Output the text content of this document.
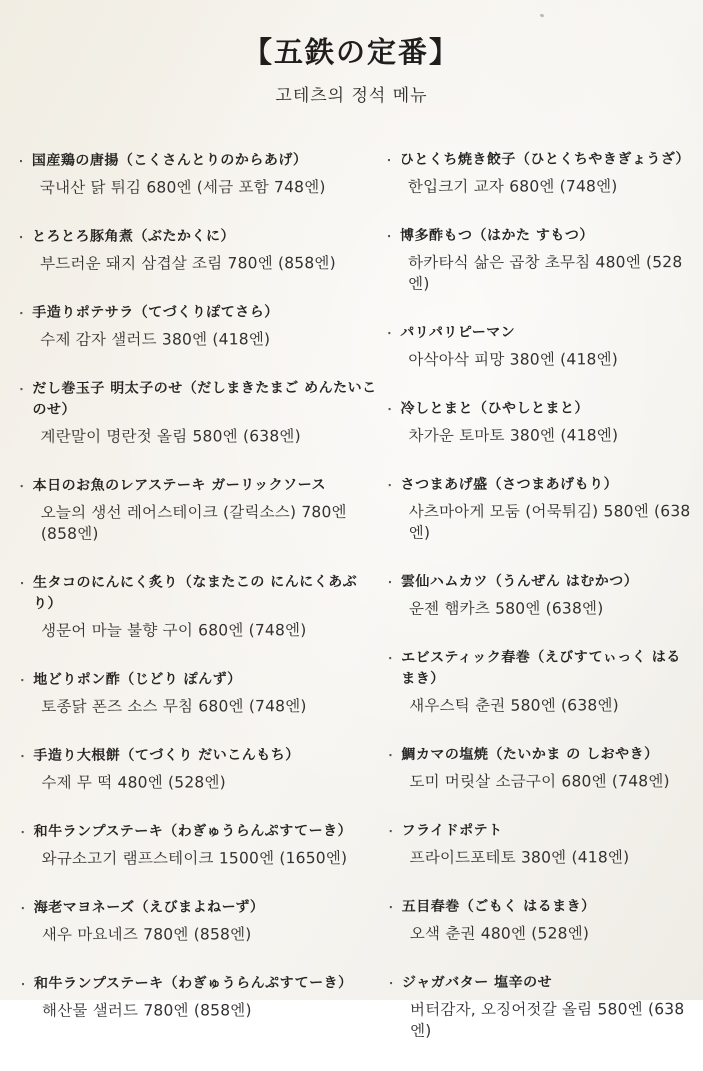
【五鉄の定番】
고테츠의 정석 메뉴
· 国産鶏の唐揚（こくさんとりのからあげ）
국내산 닭 튀김 680엔 (세금 포함 748엔)
· とろとろ豚角煮（ぶたかくに）
부드러운 돼지 삼겹살 조림 780엔 (858엔)
· 手造りポテサラ（てづくりぽてさら）
수제 감자 샐러드 380엔 (418엔)
· だし巻玉子 明太子のせ（だしまきたまご めんたいこのせ）
계란말이 명란젓 올림 580엔 (638엔)
· 本日のお魚のレアステーキ ガーリックソース
오늘의 생선 레어스테이크 (갈릭소스) 780엔 (858엔)
· 生タコのにんにく炙り（なまたこの にんにくあぶり）
생문어 마늘 불향 구이 680엔 (748엔)
· 地どりポン酢（じどり ぽんず）
토종닭 폰즈 소스 무침 680엔 (748엔)
· 手造り大根餅（てづくり だいこんもち）
수제 무 떡 480엔 (528엔)
· 和牛ランプステーキ（わぎゅうらんぷすてーき）
와규소고기 램프스테이크 1500엔 (1650엔)
· 海老マヨネーズ（えびまよねーず）
새우 마요네즈 780엔 (858엔)
· 和牛ランプステーキ（わぎゅうらんぷすてーき）
해산물 샐러드 780엔 (858엔)
· ひとくち焼き餃子（ひとくちやきぎょうざ）
한입크기 교자 680엔 (748엔)
· 博多酢もつ（はかた すもつ）
하카타식 삶은 곱창 초무침 480엔 (528엔)
· パリパリピーマン
아삭아삭 피망 380엔 (418엔)
· 冷しとまと（ひやしとまと）
차가운 토마토 380엔 (418엔)
· さつまあげ盛（さつまあげもり）
사츠마아게 모둠 (어묵튀김) 580엔 (638엔)
· 雲仙ハムカツ（うんぜん はむかつ）
운젠 햄카츠 580엔 (638엔)
· エビスティック春巻（えびすてぃっく はるまき）
새우스틱 춘권 580엔 (638엔)
· 鯛カマの塩焼（たいかま の しおやき）
도미 머릿살 소금구이 680엔 (748엔)
· フライドポテト
프라이드포테토 380엔 (418엔)
· 五目春巻（ごもく はるまき）
오색 춘권 480엔 (528엔)
· ジャガバター 塩辛のせ
버터감자, 오징어젓갈 올림 580엔 (638엔)
